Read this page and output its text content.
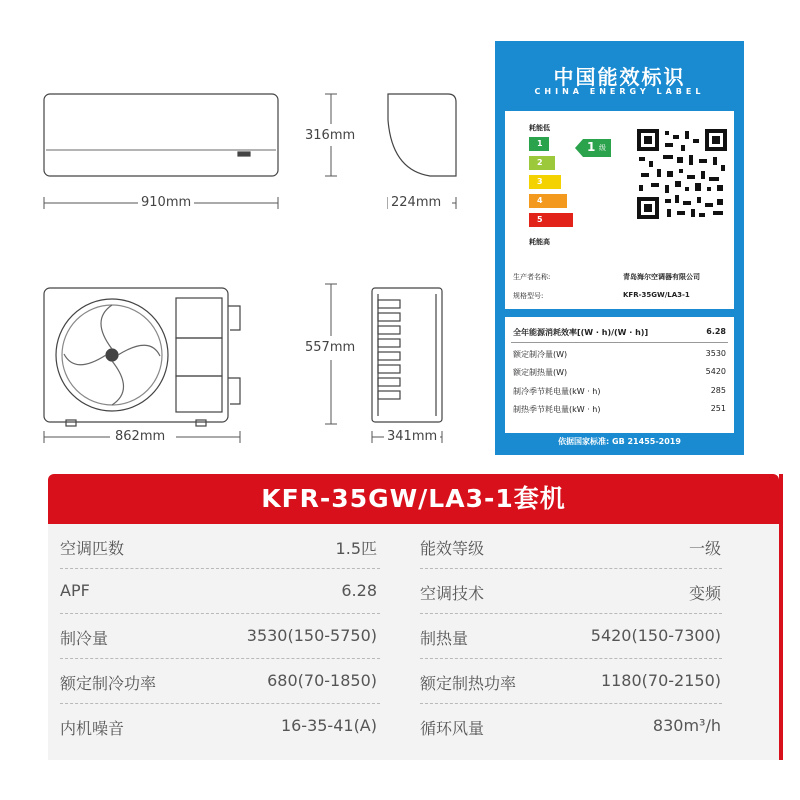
910mm
316mm
224mm
862mm
557mm
341mm
中国能效标识
CHINA ENERGY LABEL
耗能低
1
2
3
4
5
耗能高
1 级
生产者名称:	青岛海尔空调器有限公司
规格型号:	KFR-35GW/LA3-1
全年能源消耗效率[(W · h)/(W · h)]	6.28
额定制冷量(W)	3530
额定制热量(W)	5420
制冷季节耗电量(kW · h)	285
制热季节耗电量(kW · h)	251
依据国家标准: GB 21455-2019
KFR-35GW/LA3-1套机
空调匹数	1.5匹	能效等级	一级
APF	6.28	空调技术	变频
制冷量	3530(150-5750)	制热量	5420(150-7300)
额定制冷功率	680(70-1850)	额定制热功率	1180(70-2150)
内机噪音	16-35-41(A)	循环风量	830m³/h
